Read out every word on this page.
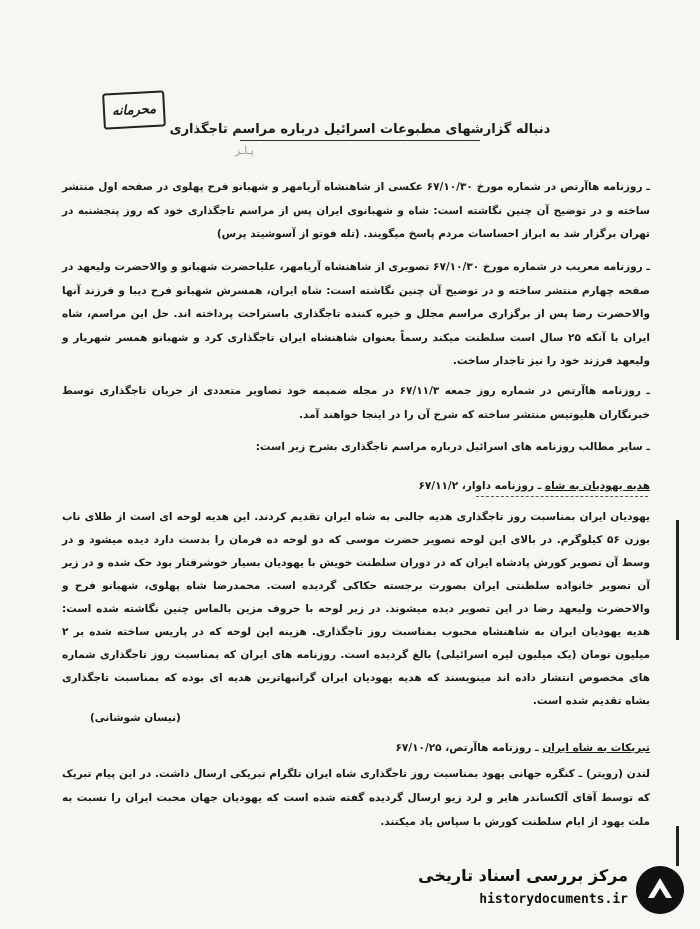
محرمانه
دنباله گزارشهای مطبوعات اسرائیل درباره مراسم تاجگذاری
پـاـز
ـ روزنامه هاآرتص در شماره مورخ ۶۷/۱۰/۳۰ عکسی از شاهنشاه آریامهر و شهبانو فرح پهلوی در صفحه اول منتشر ساخته و در توضیح آن چنین نگاشته است: شاه و شهبانوی ایران پس از مراسم تاجگذاری خود که روز پنجشنبه در تهران برگزار شد به ابراز احساسات مردم پاسخ میگویند. (تله فوتو از آسوشیتد پرس)
ـ روزنامه معریب در شماره مورخ ۶۷/۱۰/۳۰ تصویری از شاهنشاه آریامهر، علیاحضرت شهبانو و والاحضرت ولیعهد در صفحه چهارم منتشر ساخته و در توضیح آن چنین نگاشته است: شاه ایران، همسرش شهبانو فرح دیبا و فرزند آنها والاحضرت رضا پس از برگزاری مراسم مجلل و خیره کننده تاجگذاری باستراحت پرداخته اند. حل این مراسم، شاه ایران با آنکه ۲۵ سال است سلطنت میکند رسماً بعنوان شاهنشاه ایران تاجگذاری کرد و شهبانو همسر شهریار و ولیعهد فرزند خود را نیز تاجدار ساخت.
ـ روزنامه هاآرتص در شماره روز جمعه ۶۷/۱۱/۳ در مجله ضمیمه خود تصاویر متعددی از جریان تاجگذاری توسط خبرنگاران هلیوتیس منتشر ساخته که شرح آن را در اینجا خواهند آمد.
ـ سایر مطالب روزنامه های اسرائیل درباره مراسم تاجگذاری بشرح زیر است:
هدیه یهودیان به شاه ـ روزنامه داوار، ۶۷/۱۱/۲
یهودیان ایران بمناسبت روز تاجگذاری هدیه جالبی به شاه ایران تقدیم کردند. این هدیه لوحه ای است از طلای ناب بوزن ۵۶ کیلوگرم. در بالای این لوحه تصویر حضرت موسی که دو لوحه ده فرمان را بدست دارد دیده میشود و در وسط آن تصویر کورش پادشاه ایران که در دوران سلطنت خویش با یهودیان بسیار خوشرفتار بود حک شده و در زیر آن تصویر خانواده سلطنتی ایران بصورت برجسته حکاکی گردیده است. محمدرضا شاه پهلوی، شهبانو فرح و والاحضرت ولیعهد رضا در این تصویر دیده میشوند. در زیر لوحه با حروف مزین بالماس چنین نگاشته شده است: هدیه یهودیان ایران به شاهنشاه محبوب بمناسبت روز تاجگذاری. هزینه این لوحه که در پاریس ساخته شده بر ۲ میلیون تومان (یک میلیون لیره اسرائیلی) بالغ گردیده است. روزنامه های ایران که بمناسبت روز تاجگذاری شماره های مخصوص انتشار داده اند مینویسند که هدیه یهودیان ایران گرانبهاترین هدیه ای بوده که بمناسبت تاجگذاری بشاه تقدیم شده است.
(نیسان شوشانی)
تبریکات به شاه ایران ـ روزنامه هاآرتص، ۶۷/۱۰/۲۵
لندن (رویتر) ـ کنگره جهانی یهود بمناسبت روز تاجگذاری شاه ایران تلگرام تبریکی ارسال داشت. در این پیام تبریک که توسط آقای آلکساندر هایر و لرد زیو ارسال گردیده گفته شده است که یهودیان جهان محبت ایران را نسبت به ملت یهود از ایام سلطنت کورش با سپاس یاد میکنند.
مرکز بررسی اسناد تاریخی
historydocuments.ir
